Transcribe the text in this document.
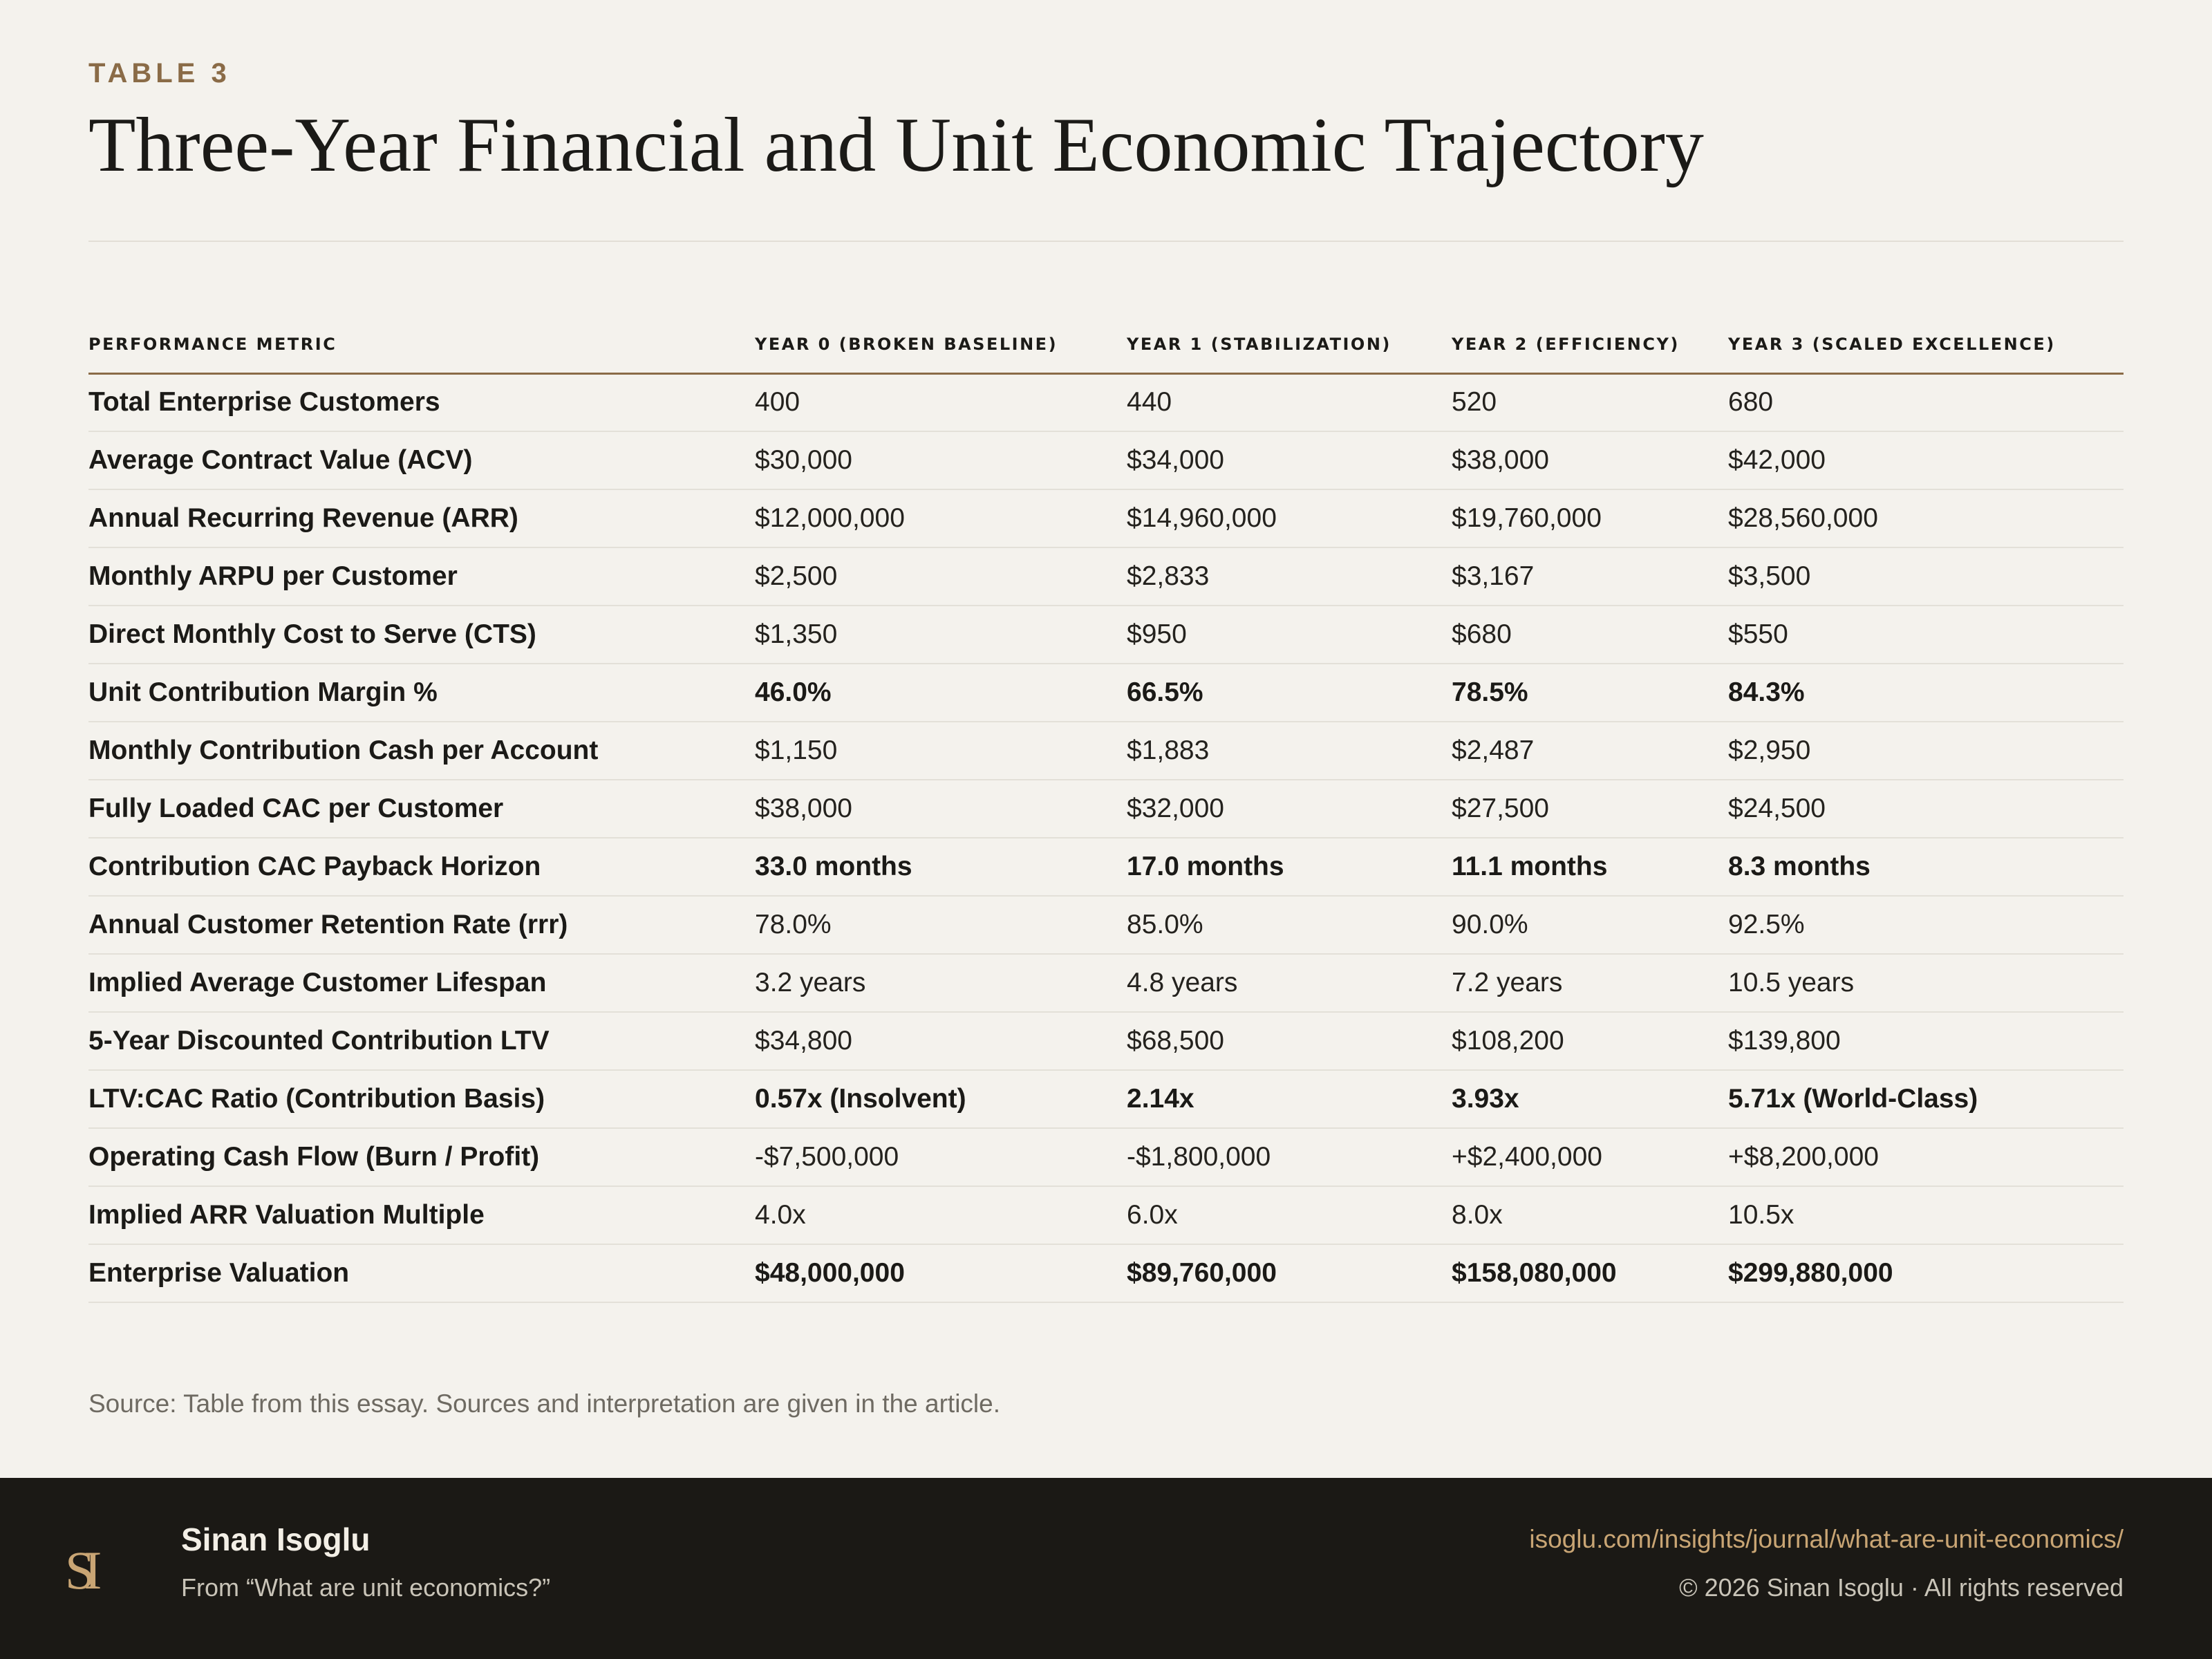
TABLE 3
Three-Year Financial and Unit Economic Trajectory
PERFORMANCE METRIC	YEAR 0 (BROKEN BASELINE)	YEAR 1 (STABILIZATION)	YEAR 2 (EFFICIENCY)	YEAR 3 (SCALED EXCELLENCE)
Total Enterprise Customers	400	440	520	680
Average Contract Value (ACV)	$30,000	$34,000	$38,000	$42,000
Annual Recurring Revenue (ARR)	$12,000,000	$14,960,000	$19,760,000	$28,560,000
Monthly ARPU per Customer	$2,500	$2,833	$3,167	$3,500
Direct Monthly Cost to Serve (CTS)	$1,350	$950	$680	$550
Unit Contribution Margin %	46.0%	66.5%	78.5%	84.3%
Monthly Contribution Cash per Account	$1,150	$1,883	$2,487	$2,950
Fully Loaded CAC per Customer	$38,000	$32,000	$27,500	$24,500
Contribution CAC Payback Horizon	33.0 months	17.0 months	11.1 months	8.3 months
Annual Customer Retention Rate (rrr)	78.0%	85.0%	90.0%	92.5%
Implied Average Customer Lifespan	3.2 years	4.8 years	7.2 years	10.5 years
5-Year Discounted Contribution LTV	$34,800	$68,500	$108,200	$139,800
LTV:CAC Ratio (Contribution Basis)	0.57x (Insolvent)	2.14x	3.93x	5.71x (World-Class)
Operating Cash Flow (Burn / Profit)	-$7,500,000	-$1,800,000	+$2,400,000	+$8,200,000
Implied ARR Valuation Multiple	4.0x	6.0x	8.0x	10.5x
Enterprise Valuation	$48,000,000	$89,760,000	$158,080,000	$299,880,000
Source: Table from this essay. Sources and interpretation are given in the article.
SI
Sinan Isoglu
From “What are unit economics?”
isoglu.com/insights/journal/what-are-unit-economics/
© 2026 Sinan Isoglu · All rights reserved
